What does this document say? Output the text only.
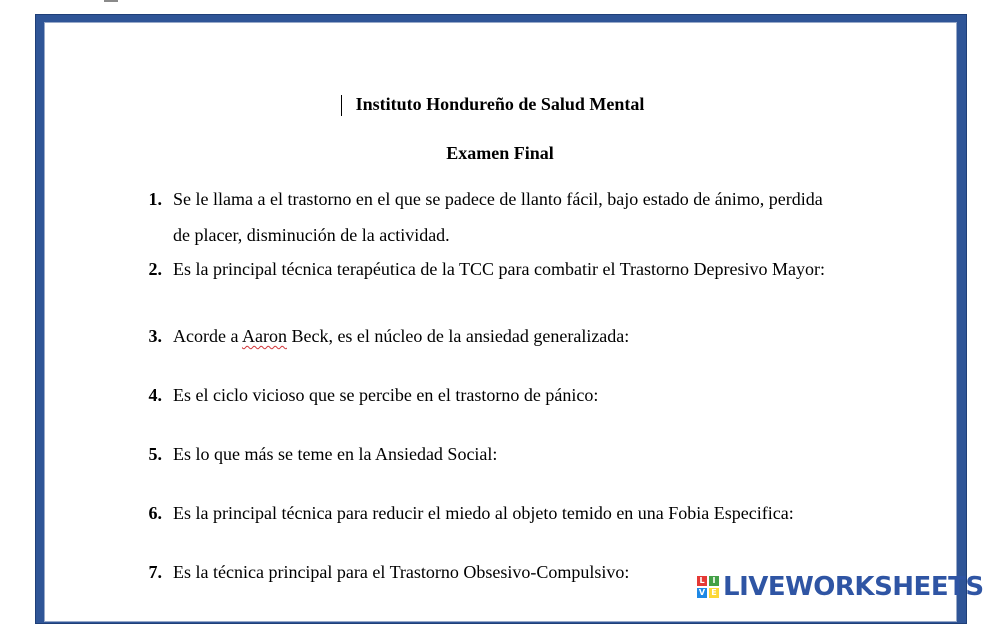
Instituto Hondureño de Salud Mental
Examen Final
1. Se le llama a el trastorno en el que se padece de llanto fácil, bajo estado de ánimo, perdida
de placer, disminución de la actividad.
2. Es la principal técnica terapéutica de la TCC para combatir el Trastorno Depresivo Mayor:
3. Acorde a Aaron Beck, es el núcleo de la ansiedad generalizada:
4. Es el ciclo vicioso que se percibe en el trastorno de pánico:
5. Es lo que más se teme en la Ansiedad Social:
6. Es la principal técnica para reducir el miedo al objeto temido en una Fobia Especifica:
7. Es la técnica principal para el Trastorno Obsesivo-Compulsivo:	L I
V E LIVEWORKSHEETS
